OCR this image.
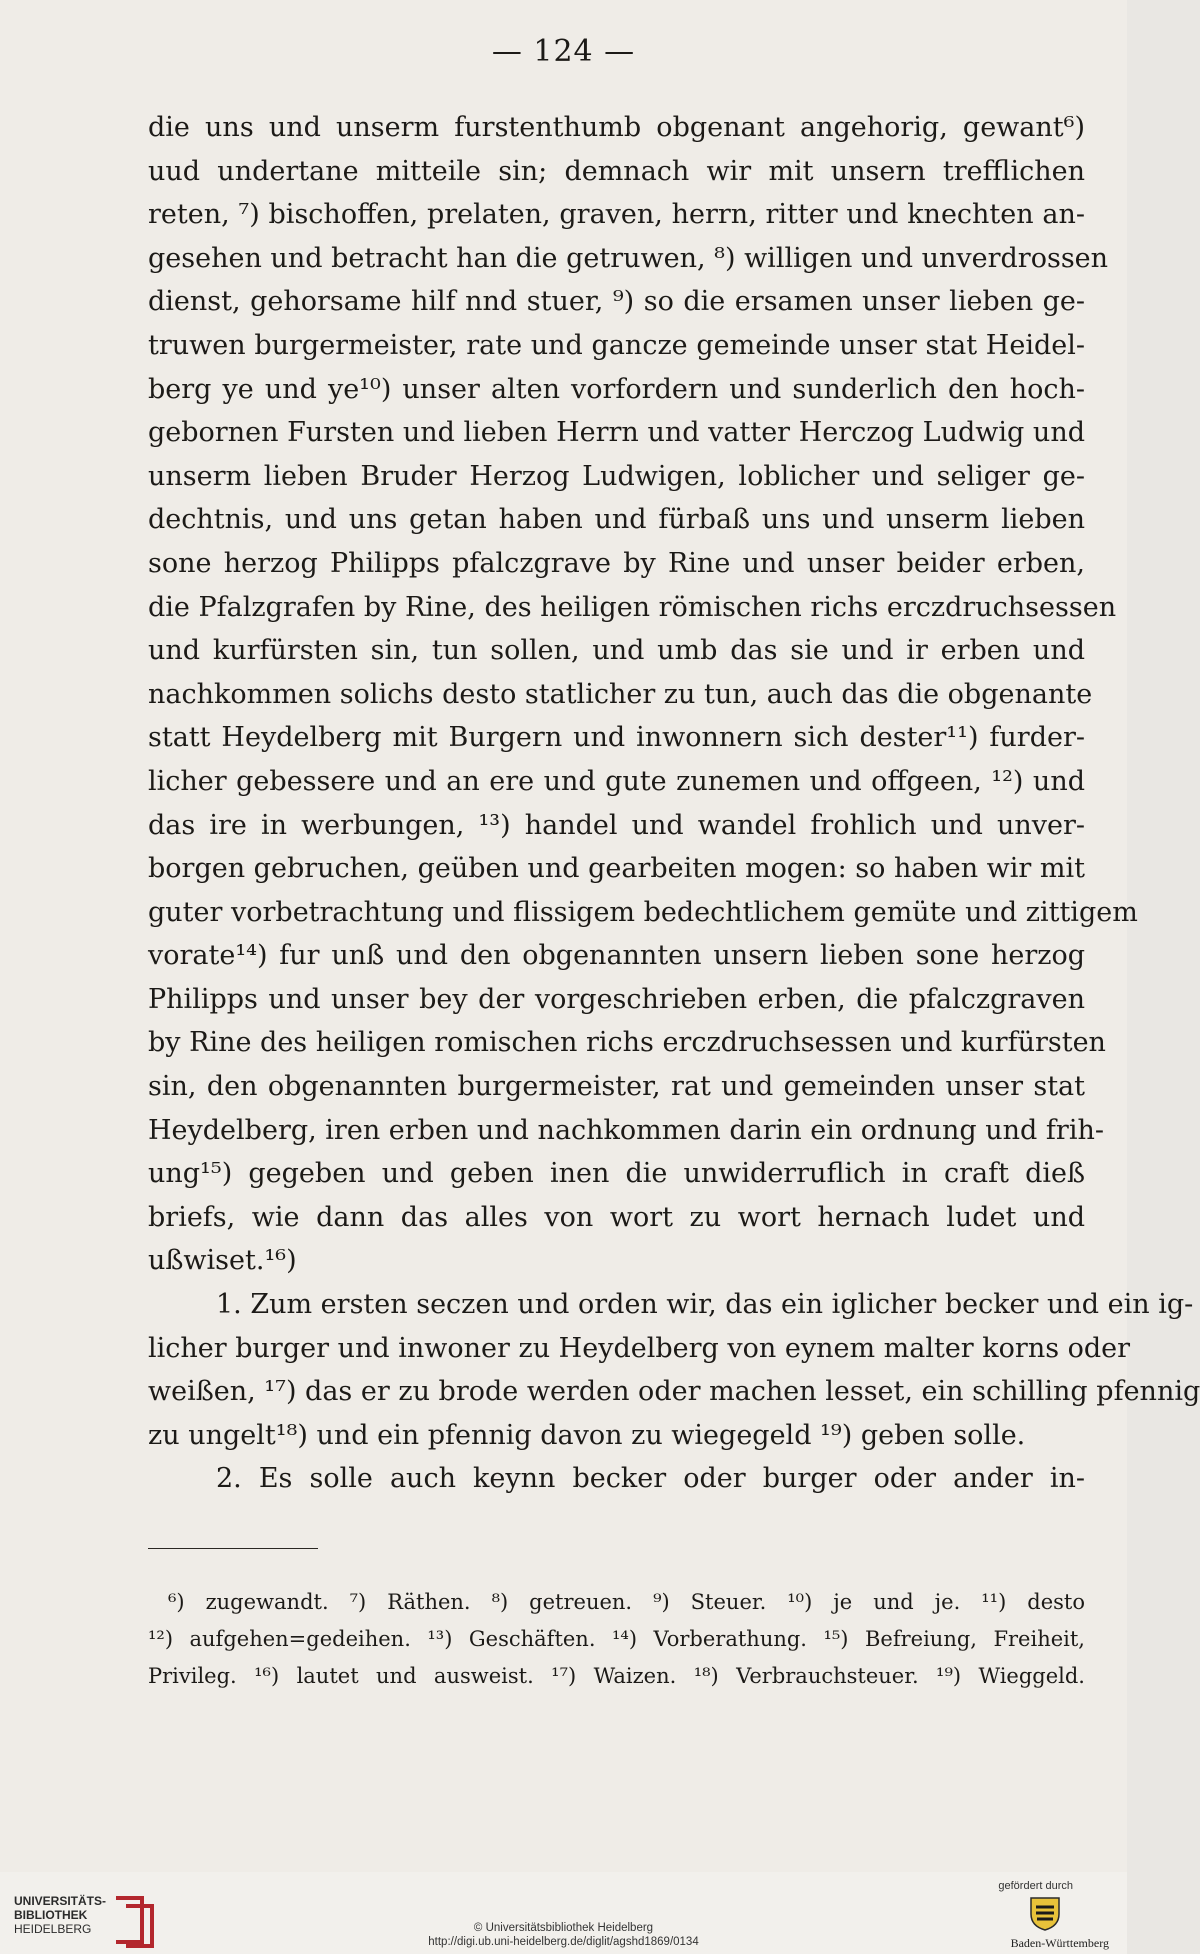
— 124 —
die uns und unserm furstenthumb obgenant angehorig, gewant⁶)
uud undertane mitteile sin; demnach wir mit unsern trefflichen
reten, ⁷) bischoffen, prelaten, graven, herrn, ritter und knechten an-
gesehen und betracht han die getruwen, ⁸) willigen und unverdrossen
dienst, gehorsame hilf nnd stuer, ⁹) so die ersamen unser lieben ge-
truwen burgermeister, rate und gancze gemeinde unser stat Heidel-
berg ye und ye¹⁰) unser alten vorfordern und sunderlich den hoch-
gebornen Fursten und lieben Herrn und vatter Herczog Ludwig und
unserm lieben Bruder Herzog Ludwigen, loblicher und seliger ge-
dechtnis, und uns getan haben und fürbaß uns und unserm lieben
sone herzog Philipps pfalczgrave by Rine und unser beider erben,
die Pfalzgrafen by Rine, des heiligen römischen richs erczdruchsessen
und kurfürsten sin, tun sollen, und umb das sie und ir erben und
nachkommen solichs desto statlicher zu tun, auch das die obgenante
statt Heydelberg mit Burgern und inwonnern sich dester¹¹) furder-
licher gebessere und an ere und gute zunemen und offgeen, ¹²) und
das ire in werbungen, ¹³) handel und wandel frohlich und unver-
borgen gebruchen, geüben und gearbeiten mogen: so haben wir mit
guter vorbetrachtung und flissigem bedechtlichem gemüte und zittigem
vorate¹⁴) fur unß und den obgenannten unsern lieben sone herzog
Philipps und unser bey der vorgeschrieben erben, die pfalczgraven
by Rine des heiligen romischen richs erczdruchsessen und kurfürsten
sin, den obgenannten burgermeister, rat und gemeinden unser stat
Heydelberg, iren erben und nachkommen darin ein ordnung und frih-
ung¹⁵) gegeben und geben inen die unwiderruflich in craft dieß
briefs, wie dann das alles von wort zu wort hernach ludet und
ußwiset.¹⁶)
1. Zum ersten seczen und orden wir, das ein iglicher becker und ein ig-
licher burger und inwoner zu Heydelberg von eynem malter korns oder
weißen, ¹⁷) das er zu brode werden oder machen lesset, ein schilling pfennig
zu ungelt¹⁸) und ein pfennig davon zu wiegegeld ¹⁹) geben solle.
2. Es solle auch keynn becker oder burger oder ander in-
⁶) zugewandt. ⁷) Räthen. ⁸) getreuen. ⁹) Steuer. ¹⁰) je und je. ¹¹) desto
¹²) aufgehen=gedeihen. ¹³) Geschäften. ¹⁴) Vorberathung. ¹⁵) Befreiung, Freiheit,
Privileg. ¹⁶) lautet und ausweist. ¹⁷) Waizen. ¹⁸) Verbrauchsteuer. ¹⁹) Wieggeld.
UNIVERSITÄTS-
BIBLIOTHEK
HEIDELBERG	© Universitätsbibliothek Heidelberg
http://digi.ub.uni-heidelberg.de/diglit/agshd1869/0134
gefördert durch
Baden-Württemberg
